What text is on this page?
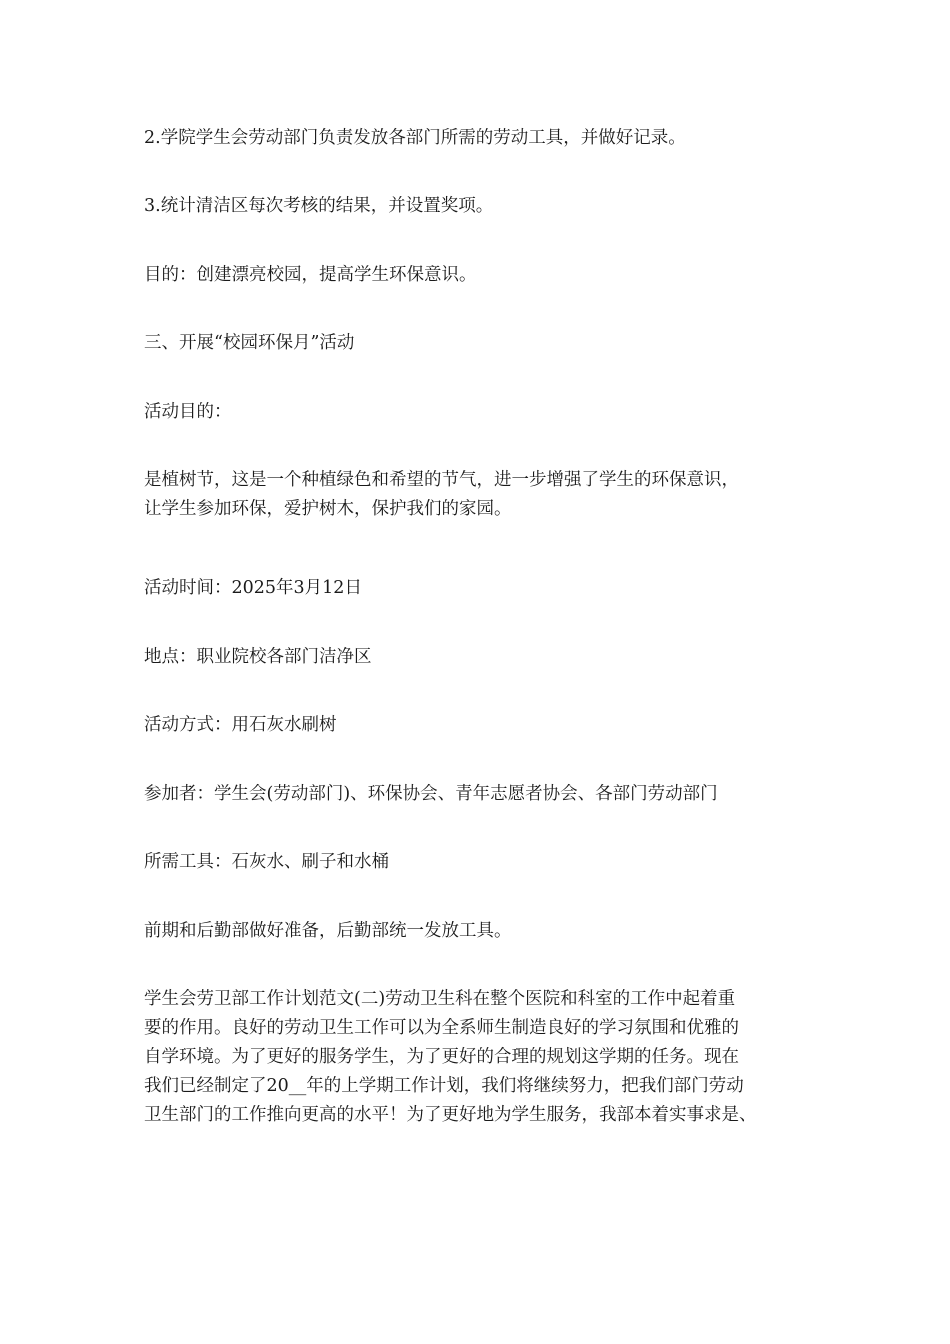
2.学院学生会劳动部门负责发放各部门所需的劳动工具，并做好记录。

3.统计清洁区每次考核的结果，并设置奖项。

目的：创建漂亮校园，提高学生环保意识。

三、开展“校园环保月”活动

活动目的：

是植树节，这是一个种植绿色和希望的节气，进一步增强了学生的环保意识，
让学生参加环保，爱护树木，保护我们的家园。

活动时间：2025年3月12日

地点：职业院校各部门洁净区

活动方式：用石灰水刷树

参加者：学生会(劳动部门)、环保协会、青年志愿者协会、各部门劳动部门

所需工具：石灰水、刷子和水桶

前期和后勤部做好准备，后勤部统一发放工具。

学生会劳卫部工作计划范文(二)劳动卫生科在整个医院和科室的工作中起着重
要的作用。良好的劳动卫生工作可以为全系师生制造良好的学习氛围和优雅的
自学环境。为了更好的服务学生，为了更好的合理的规划这学期的任务。现在
我们已经制定了20__年的上学期工作计划，我们将继续努力，把我们部门劳动
卫生部门的工作推向更高的水平！为了更好地为学生服务，我部本着实事求是、
